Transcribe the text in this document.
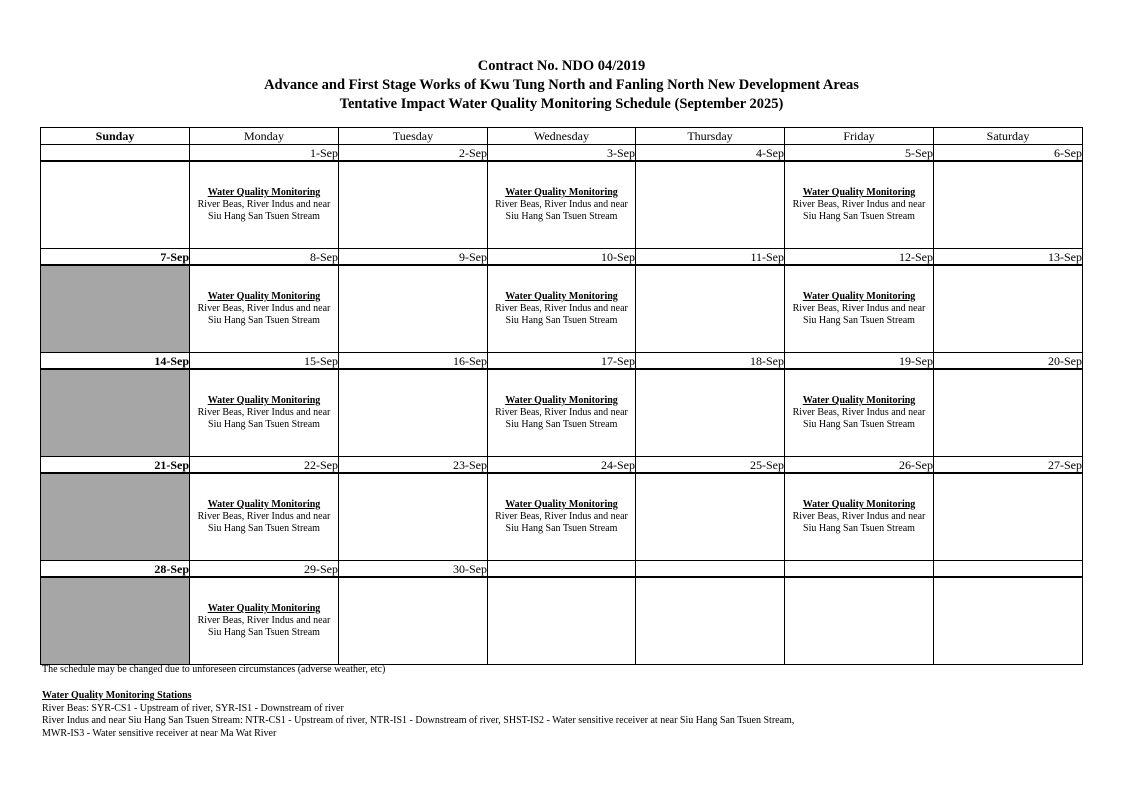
Contract No. NDO 04/2019
Advance and First Stage Works of Kwu Tung North and Fanling North New Development Areas
Tentative Impact Water Quality Monitoring Schedule (September 2025)
Sunday	Monday	Tuesday	Wednesday	Thursday	Friday	Saturday
	1-Sep	2-Sep	3-Sep	4-Sep	5-Sep	6-Sep

	Water Quality Monitoring
River Beas, River Indus and near
Siu Hang San Tsuen Stream		Water Quality Monitoring
River Beas, River Indus and near
Siu Hang San Tsuen Stream		Water Quality Monitoring
River Beas, River Indus and near
Siu Hang San Tsuen Stream	

7-Sep	8-Sep	9-Sep	10-Sep	11-Sep	12-Sep	13-Sep

	Water Quality Monitoring
River Beas, River Indus and near
Siu Hang San Tsuen Stream		Water Quality Monitoring
River Beas, River Indus and near
Siu Hang San Tsuen Stream		Water Quality Monitoring
River Beas, River Indus and near
Siu Hang San Tsuen Stream	

14-Sep	15-Sep	16-Sep	17-Sep	18-Sep	19-Sep	20-Sep

	Water Quality Monitoring
River Beas, River Indus and near
Siu Hang San Tsuen Stream		Water Quality Monitoring
River Beas, River Indus and near
Siu Hang San Tsuen Stream		Water Quality Monitoring
River Beas, River Indus and near
Siu Hang San Tsuen Stream	

21-Sep	22-Sep	23-Sep	24-Sep	25-Sep	26-Sep	27-Sep

	Water Quality Monitoring
River Beas, River Indus and near
Siu Hang San Tsuen Stream		Water Quality Monitoring
River Beas, River Indus and near
Siu Hang San Tsuen Stream		Water Quality Monitoring
River Beas, River Indus and near
Siu Hang San Tsuen Stream	

28-Sep	29-Sep	30-Sep				

	Water Quality Monitoring
River Beas, River Indus and near
Siu Hang San Tsuen Stream					

The schedule may be changed due to unforeseen circumstances (adverse weather, etc)
Water Quality Monitoring Stations
River Beas: SYR-CS1 - Upstream of river, SYR-IS1 - Downstream of river
River Indus and near Siu Hang San Tsuen Stream: NTR-CS1 - Upstream of river, NTR-IS1 - Downstream of river, SHST-IS2 - Water sensitive receiver at near Siu Hang San Tsuen Stream,
MWR-IS3 - Water sensitive receiver at near Ma Wat River
